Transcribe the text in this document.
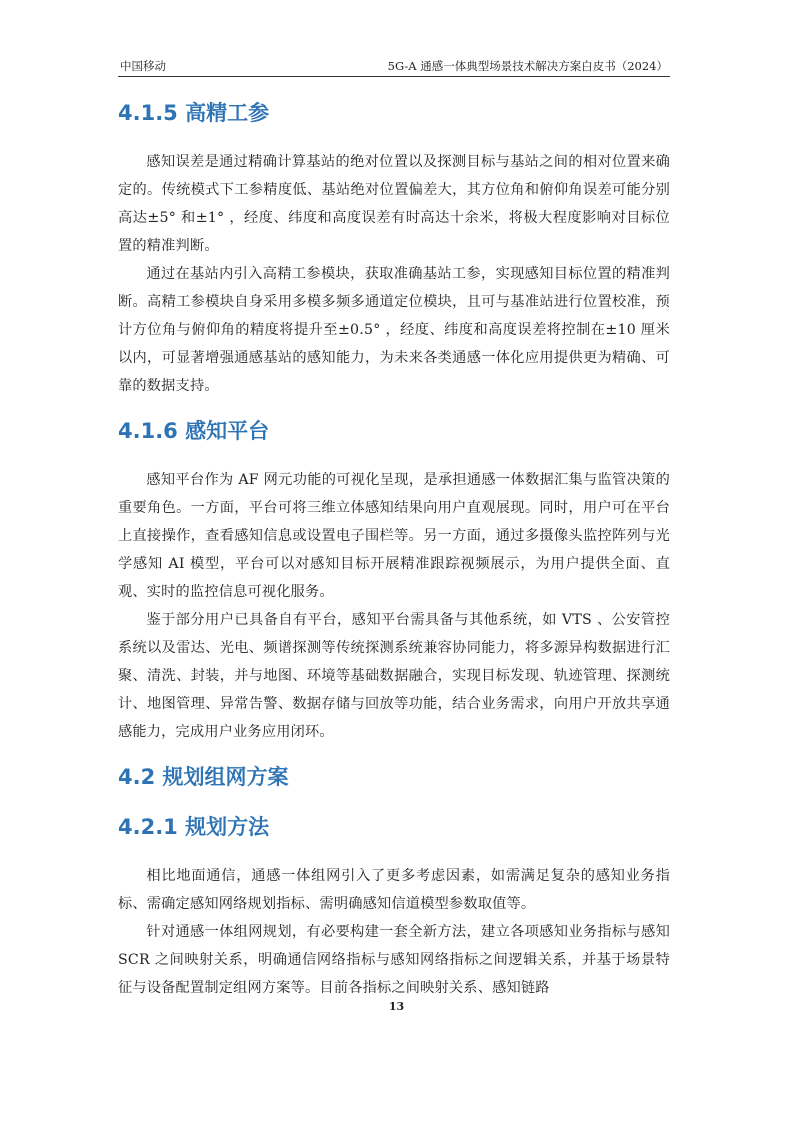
中国移动	5G-A 通感一体典型场景技术解决方案白皮书（2024）
4.1.5 高精工参

感知误差是通过精确计算基站的绝对位置以及探测目标与基站之间的相对位置来确定的。传统模式下工参精度低、基站绝对位置偏差大，其方位角和俯仰角误差可能分别高达±5° 和±1° ，经度、纬度和高度误差有时高达十余米，将极大程度影响对目标位置的精准判断。

通过在基站内引入高精工参模块，获取准确基站工参，实现感知目标位置的精准判断。高精工参模块自身采用多模多频多通道定位模块，且可与基准站进行位置校准，预计方位角与俯仰角的精度将提升至±0.5° ，经度、纬度和高度误差将控制在±10 厘米以内，可显著增强通感基站的感知能力，为未来各类通感一体化应用提供更为精确、可靠的数据支持。

4.1.6 感知平台

感知平台作为 AF 网元功能的可视化呈现，是承担通感一体数据汇集与监管决策的重要角色。一方面，平台可将三维立体感知结果向用户直观展现。同时，用户可在平台上直接操作，查看感知信息或设置电子围栏等。另一方面，通过多摄像头监控阵列与光学感知 AI 模型，平台可以对感知目标开展精准跟踪视频展示，为用户提供全面、直观、实时的监控信息可视化服务。

鉴于部分用户已具备自有平台，感知平台需具备与其他系统，如 VTS 、公安管控系统以及雷达、光电、频谱探测等传统探测系统兼容协同能力，将多源异构数据进行汇聚、清洗、封装，并与地图、环境等基础数据融合，实现目标发现、轨迹管理、探测统计、地图管理、异常告警、数据存储与回放等功能，结合业务需求，向用户开放共享通感能力，完成用户业务应用闭环。

4.2 规划组网方案
4.2.1 规划方法

相比地面通信，通感一体组网引入了更多考虑因素，如需满足复杂的感知业务指标、需确定感知网络规划指标、需明确感知信道模型参数取值等。

针对通感一体组网规划，有必要构建一套全新方法，建立各项感知业务指标与感知 SCR 之间映射关系，明确通信网络指标与感知网络指标之间逻辑关系，并基于场景特征与设备配置制定组网方案等。目前各指标之间映射关系、感知链路

13
